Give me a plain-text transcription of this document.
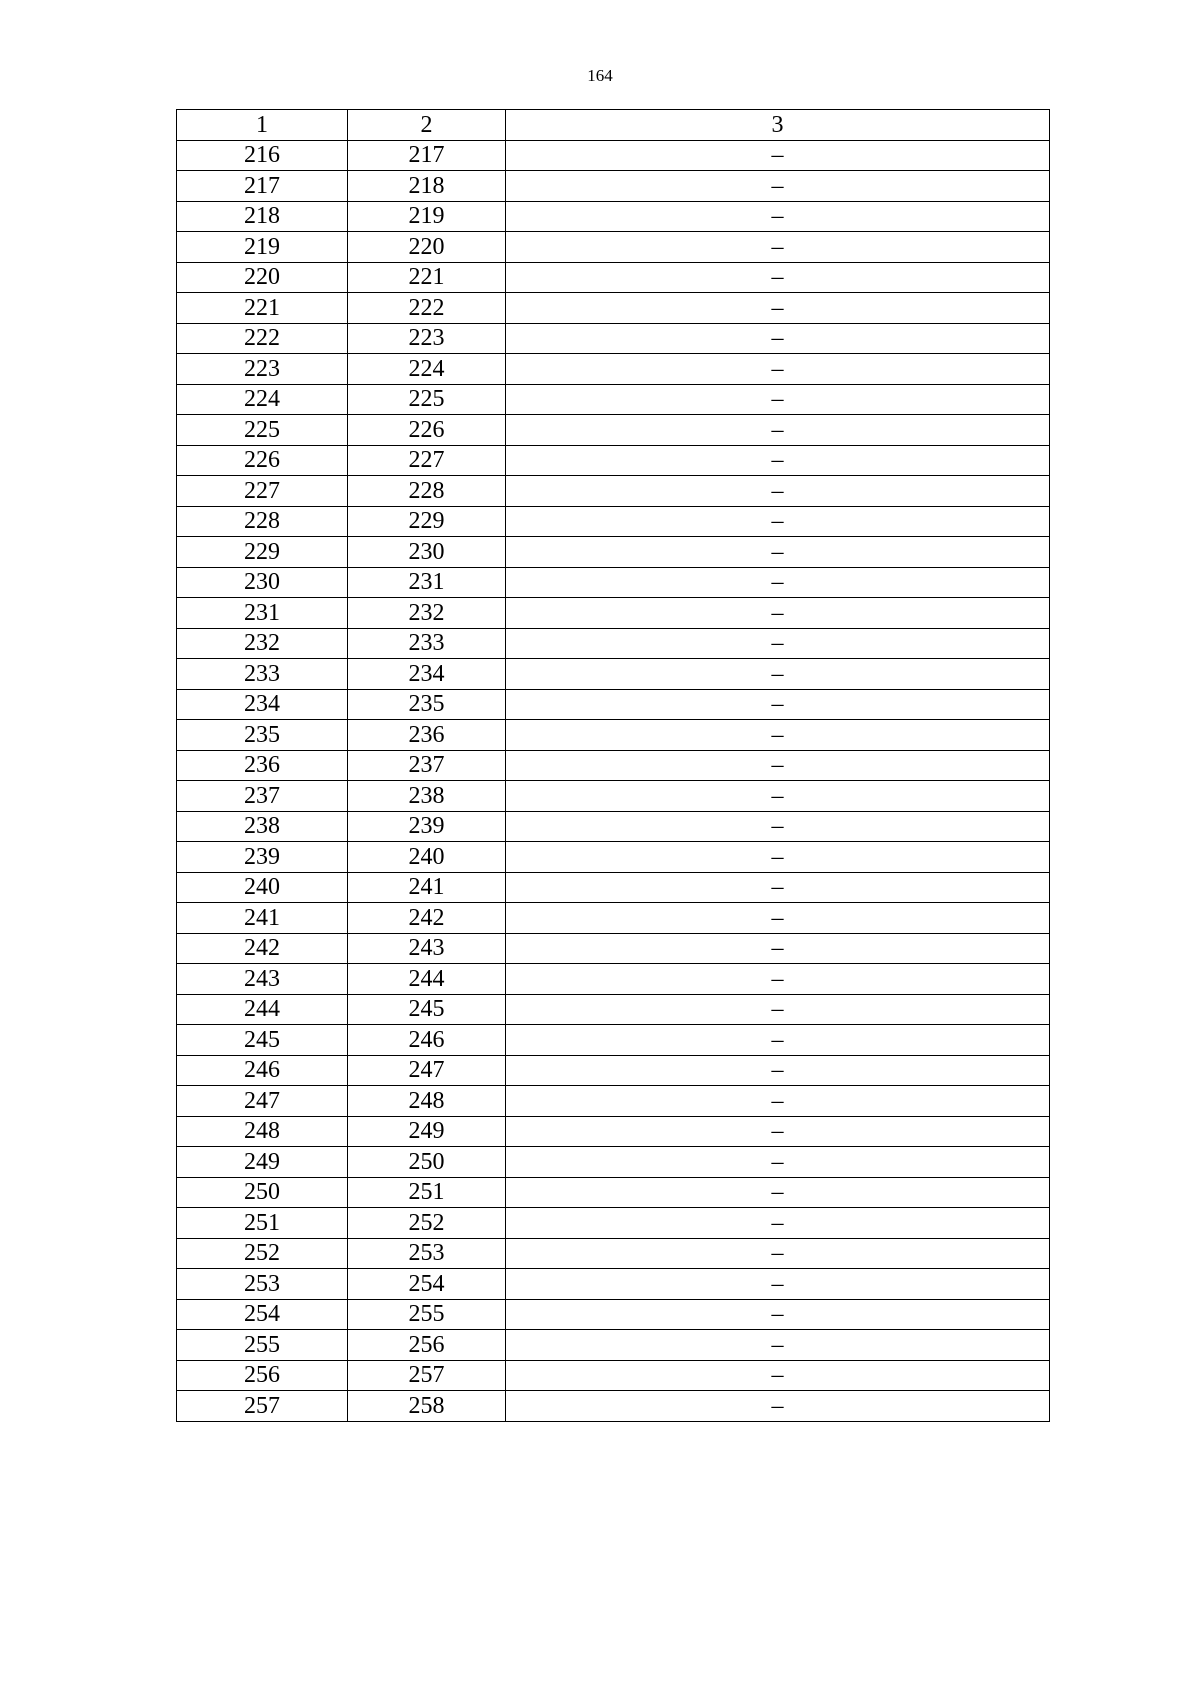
164
1	2	3
216	217	–
217	218	–
218	219	–
219	220	–
220	221	–
221	222	–
222	223	–
223	224	–
224	225	–
225	226	–
226	227	–
227	228	–
228	229	–
229	230	–
230	231	–
231	232	–
232	233	–
233	234	–
234	235	–
235	236	–
236	237	–
237	238	–
238	239	–
239	240	–
240	241	–
241	242	–
242	243	–
243	244	–
244	245	–
245	246	–
246	247	–
247	248	–
248	249	–
249	250	–
250	251	–
251	252	–
252	253	–
253	254	–
254	255	–
255	256	–
256	257	–
257	258	–
